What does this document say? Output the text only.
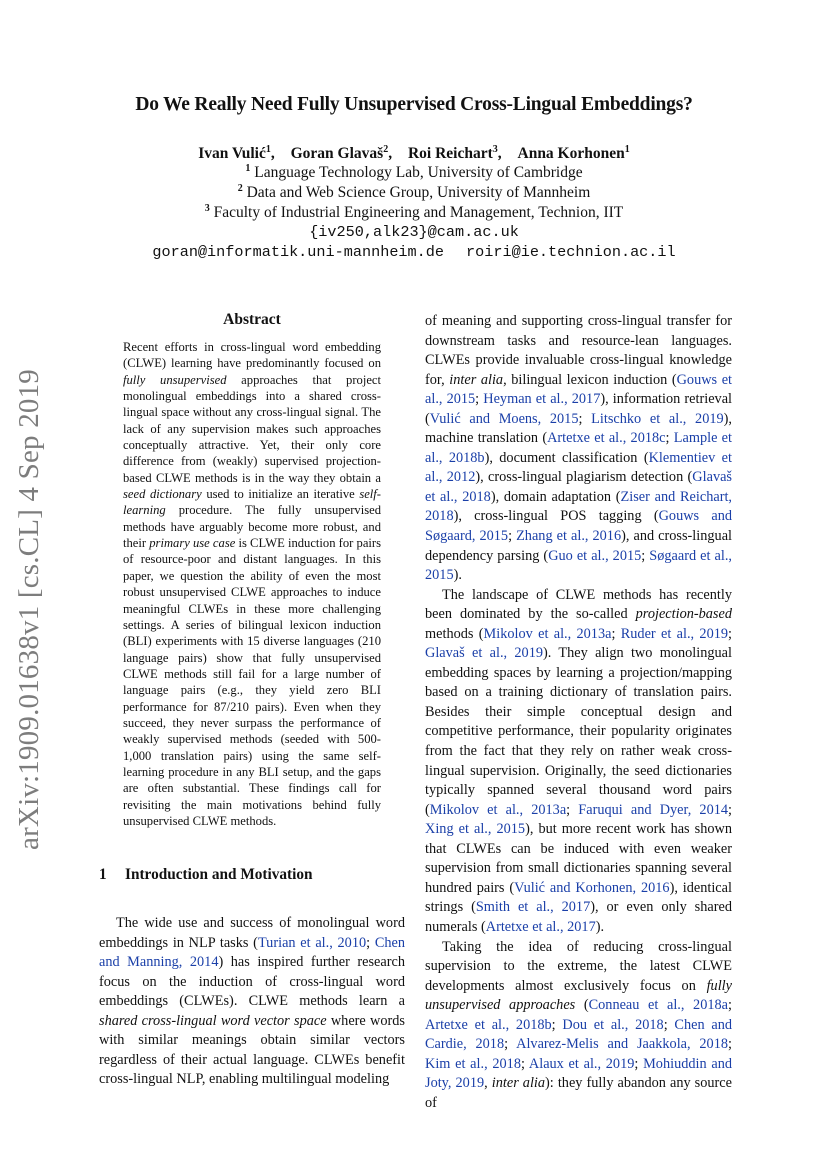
arXiv:1909.01638v1 [cs.CL] 4 Sep 2019
Do We Really Need Fully Unsupervised Cross-Lingual Embeddings?
Ivan Vulić$^1$, Goran Glavaš$^2$, Roi Reichart$^3$, Anna Korhonen$^1$
$^1$ Language Technology Lab, University of Cambridge
$^2$ Data and Web Science Group, University of Mannheim
$^3$ Faculty of Industrial Engineering and Management, Technion, IIT
{iv250,alk23}@cam.ac.uk
goran@informatik.uni-mannheim.de roiri@ie.technion.ac.il
Abstract
Recent efforts in cross-lingual word embedding (CLWE) learning have predominantly focused on fully unsupervised approaches that project monolingual embeddings into a shared cross-lingual space without any cross-lingual signal. The lack of any supervision makes such approaches conceptually attractive. Yet, their only core difference from (weakly) supervised projection-based CLWE methods is in the way they obtain a seed dictionary used to initialize an iterative self-learning procedure. The fully unsupervised methods have arguably become more robust, and their primary use case is CLWE induction for pairs of resource-poor and distant languages. In this paper, we question the ability of even the most robust unsupervised CLWE approaches to induce meaningful CLWEs in these more challenging settings. A series of bilingual lexicon induction (BLI) experiments with 15 diverse languages (210 language pairs) show that fully unsupervised CLWE methods still fail for a large number of language pairs (e.g., they yield zero BLI performance for 87/210 pairs). Even when they succeed, they never surpass the performance of weakly supervised methods (seeded with 500-1,000 translation pairs) using the same self-learning procedure in any BLI setup, and the gaps are often substantial. These findings call for revisiting the main motivations behind fully unsupervised CLWE methods.
1 Introduction and Motivation

The wide use and success of monolingual word embeddings in NLP tasks (Turian et al., 2010; Chen and Manning, 2014) has inspired further research focus on the induction of cross-lingual word embeddings (CLWEs). CLWE methods learn a shared cross-lingual word vector space where words with similar meanings obtain similar vectors regardless of their actual language. CLWEs benefit cross-lingual NLP, enabling multilingual modeling

of meaning and supporting cross-lingual transfer for downstream tasks and resource-lean languages. CLWEs provide invaluable cross-lingual knowledge for, inter alia, bilingual lexicon induction (Gouws et al., 2015; Heyman et al., 2017), information retrieval (Vulić and Moens, 2015; Litschko et al., 2019), machine translation (Artetxe et al., 2018c; Lample et al., 2018b), document classification (Klementiev et al., 2012), cross-lingual plagiarism detection (Glavaš et al., 2018), domain adaptation (Ziser and Reichart, 2018), cross-lingual POS tagging (Gouws and Søgaard, 2015; Zhang et al., 2016), and cross-lingual dependency parsing (Guo et al., 2015; Søgaard et al., 2015).

The landscape of CLWE methods has recently been dominated by the so-called projection-based methods (Mikolov et al., 2013a; Ruder et al., 2019; Glavaš et al., 2019). They align two monolingual embedding spaces by learning a projection/mapping based on a training dictionary of translation pairs. Besides their simple conceptual design and competitive performance, their popularity originates from the fact that they rely on rather weak cross-lingual supervision. Originally, the seed dictionaries typically spanned several thousand word pairs (Mikolov et al., 2013a; Faruqui and Dyer, 2014; Xing et al., 2015), but more recent work has shown that CLWEs can be induced with even weaker supervision from small dictionaries spanning several hundred pairs (Vulić and Korhonen, 2016), identical strings (Smith et al., 2017), or even only shared numerals (Artetxe et al., 2017).

Taking the idea of reducing cross-lingual supervision to the extreme, the latest CLWE developments almost exclusively focus on fully unsupervised approaches (Conneau et al., 2018a; Artetxe et al., 2018b; Dou et al., 2018; Chen and Cardie, 2018; Alvarez-Melis and Jaakkola, 2018; Kim et al., 2018; Alaux et al., 2019; Mohiuddin and Joty, 2019, inter alia): they fully abandon any source of
